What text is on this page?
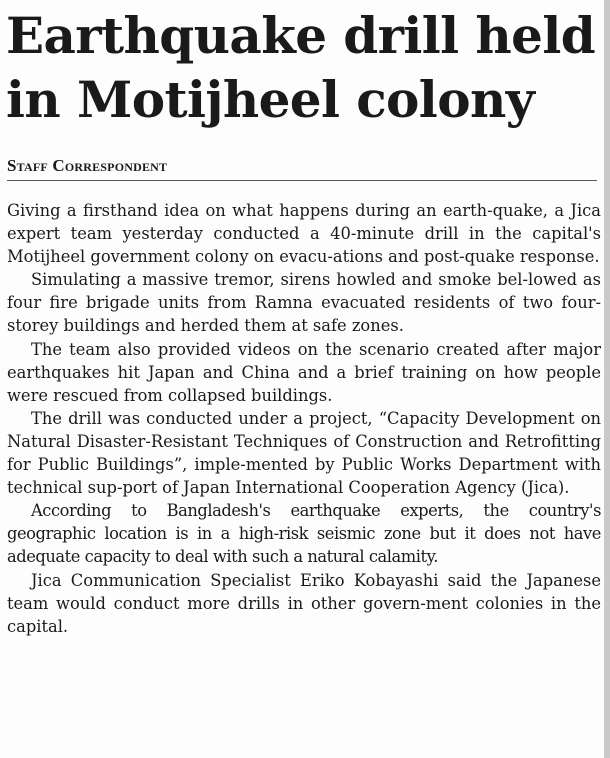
Earthquake drill held in Motijheel colony
Staff Correspondent

Giving a firsthand idea on what happens during an earth-quake, a Jica expert team yesterday conducted a 40-minute drill in the capital's Motijheel government colony on evacu-ations and post-quake response.

Simulating a massive tremor, sirens howled and smoke bel-lowed as four fire brigade units from Ramna evacuated residents of two four-storey buildings and herded them at safe zones.

The team also provided videos on the scenario created after major earthquakes hit Japan and China and a brief training on how people were rescued from collapsed buildings.

The drill was conducted under a project, “Capacity Development on Natural Disaster-Resistant Techniques of Construction and Retrofitting for Public Buildings”, imple-mented by Public Works Department with technical sup-port of Japan International Cooperation Agency (Jica).

According to Bangladesh's earthquake experts, the country's geographic location is in a high-risk seismic zone but it does not have adequate capacity to deal with such a natural calamity.

Jica Communication Specialist Eriko Kobayashi said the Japanese team would conduct more drills in other govern-ment colonies in the capital.
